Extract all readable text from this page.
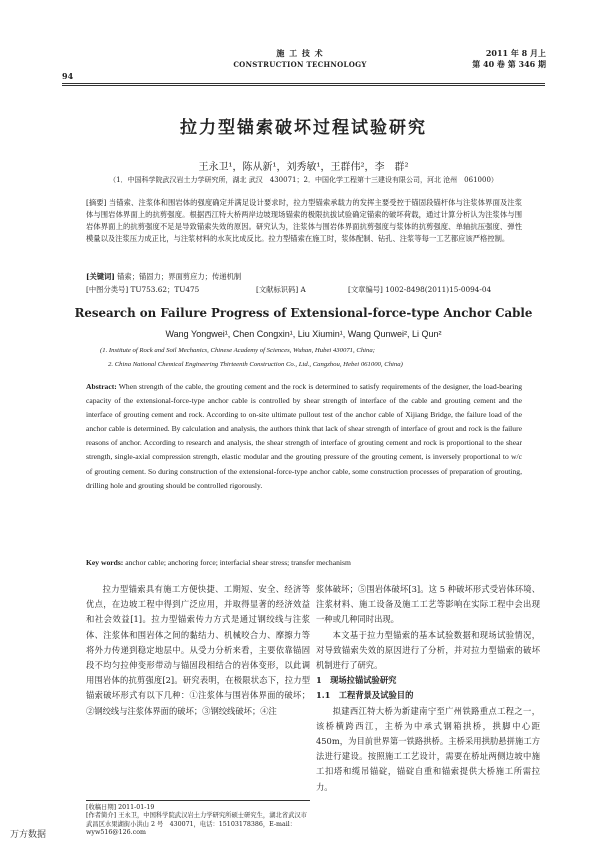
94
施 工 技 术
CONSTRUCTION TECHNOLOGY
2011 年 8 月上
第 40 卷 第 346 期
拉力型锚索破坏过程试验研究
王永卫¹，陈从新¹，刘秀敏¹，王群伟²，李　群²
（1．中国科学院武汉岩土力学研究所，湖北 武汉　430071；2．中国化学工程第十三建设有限公司，河北 沧州　061000）
[摘要] 当锚索、注浆体和围岩体的强度确定并满足设计要求时，拉力型锚索承载力的发挥主要受控于锚固段锚杆体与注浆体界面及注浆体与围岩体界面上的抗剪强度。根据西江特大桥两岸边坡现场锚索的极限抗拔试验确定锚索的破坏荷载，通过计算分析认为注浆体与围岩体界面上的抗剪强度不足是导致锚索失效的原因。研究认为，注浆体与围岩体界面抗剪强度与浆体的抗剪强度、单轴抗压强度、弹性模量以及注浆压力成正比，与注浆材料的水灰比成反比。拉力型锚索在施工时，浆体配制、钻孔、注浆等每一工艺都应该严格控制。
[关键词] 锚索；锚固力；界面剪应力；传递机制
[中图分类号] TU753.62；TU475	[文献标识码] A	[文章编号] 1002-8498(2011)15-0094-04
Research on Failure Progress of Extensional-force-type Anchor Cable
Wang Yongwei¹, Chen Congxin¹, Liu Xiumin¹, Wang Qunwei², Li Qun²
(1. Institute of Rock and Soil Mechanics, Chinese Academy of Sciences, Wuhan, Hubei 430071, China;
2. China National Chemical Engineering Thirteenth Construction Co., Ltd., Cangzhou, Hebei 061000, China)
Abstract: When strength of the cable, the grouting cement and the rock is determined to satisfy requirements of the designer, the load-bearing capacity of the extensional-force-type anchor cable is controlled by shear strength of interface of the cable and grouting cement and the interface of grouting cement and rock. According to on-site ultimate pullout test of the anchor cable of Xijiang Bridge, the failure load of the anchor cable is determined. By calculation and analysis, the authors think that lack of shear strength of interface of grout and rock is the failure reasons of anchor. According to research and analysis, the shear strength of interface of grouting cement and rock is proportional to the shear strength, single-axial compression strength, elastic modular and the grouting pressure of the grouting cement, is inversely proportional to w/c of grouting cement. So during construction of the extensional-force-type anchor cable, some construction processes of preparation of grouting, drilling hole and grouting should be controlled rigorously.
Key words: anchor cable; anchoring force; interfacial shear stress; transfer mechanism

拉力型锚索具有施工方便快捷、工期短、安全、经济等优点，在边坡工程中得到广泛应用，并取得显著的经济效益和社会效益[1]。拉力型锚索传力方式是通过钢绞线与注浆体、注浆体和围岩体之间的黏结力、机械咬合力、摩擦力等将外力传递到稳定地层中。从受力分析来看，主要依靠锚固段不均匀拉伸变形带动与锚固段相结合的岩体变形，以此调用围岩体的抗剪强度[2]。研究表明，在极限状态下，拉力型锚索破坏形式有以下几种：①注浆体与围岩体界面的破坏；②钢绞线与注浆体界面的破坏；③钢绞线破坏；④注

浆体破坏；⑤围岩体破坏[3]。这 5 种破坏形式受岩体环境、注浆材料、施工设备及施工工艺等影响在实际工程中会出现一种或几种同时出现。

本文基于拉力型锚索的基本试验数据和现场试验情况，对导致锚索失效的原因进行了分析，并对拉力型锚索的破坏机制进行了研究。

1　现场拉锚试验研究

1.1　工程背景及试验目的

拟建西江特大桥为新建南宁至广州铁路重点工程之一，该桥横跨西江，主桥为中承式钢箱拱桥，拱脚中心距 450m，为目前世界第一铁路拱桥。主桥采用拱肋悬拼施工方法进行建设。按照施工工艺设计，需要在桥址两侧边坡中施工扣塔和缆吊锚碇，锚碇自重和锚索提供大桥施工所需拉力。

[收稿日期] 2011-01-19
[作者简介] 王永卫，中国科学院武汉岩土力学研究所硕士研究生，湖北省武汉市武昌区水果湖街小洪山 2 号　430071，电话：15103178386，E-mail：wyw516@126.com
万方数据
